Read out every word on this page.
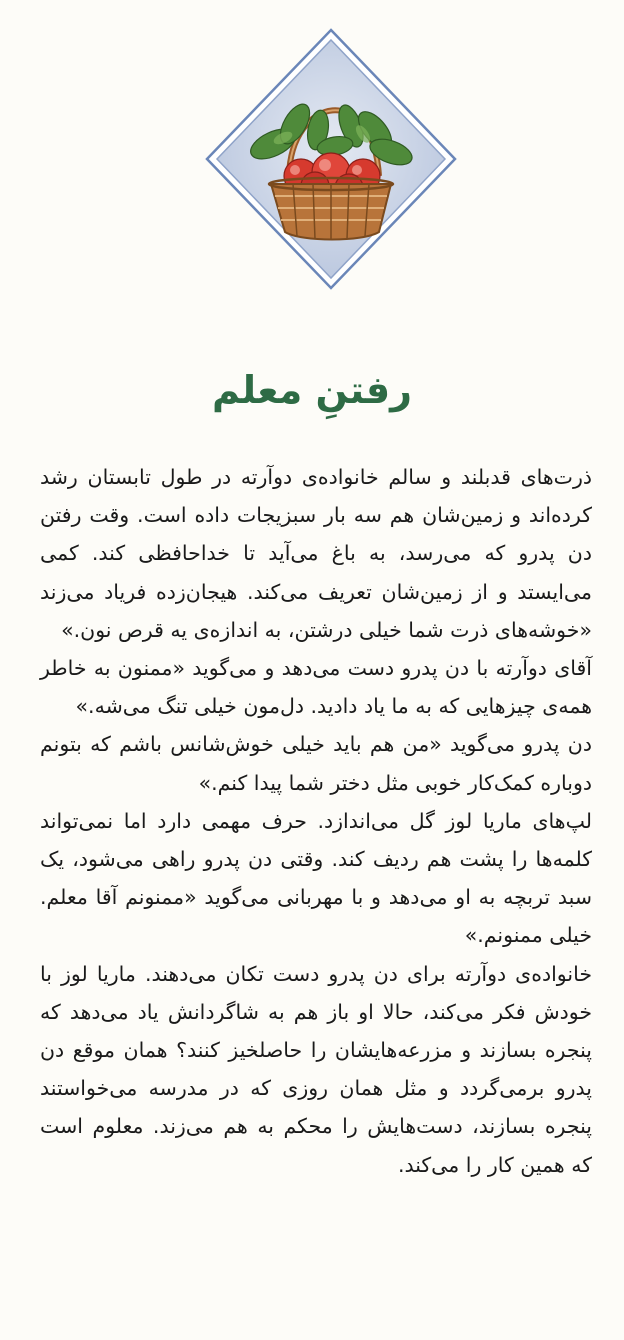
رفتنِ معلم

ذرت‌های قدبلند و سالم خانواده‌ی دوآرته در طول تابستان رشد کرده‌اند و زمین‌شان هم سه بار سبزیجات داده است. وقت رفتن دن پدرو که می‌رسد، به باغ می‌آید تا خداحافظی کند. کمی می‌ایستد و از زمین‌شان تعریف می‌کند. هیجان‌زده فریاد می‌زند «خوشه‌های ذرت شما خیلی درشتن، به اندازه‌ی یه قرص نون.»

آقای دوآرته با دن پدرو دست می‌دهد و می‌گوید «ممنون به خاطر همه‌ی چیزهایی که به ما یاد دادید. دل‌مون خیلی تنگ می‌شه.»

دن پدرو می‌گوید «من هم باید خیلی خوش‌شانس باشم که بتونم دوباره کمک‌کار خوبی مثل دختر شما پیدا کنم.»

لپ‌های ماریا لوز گل می‌اندازد. حرف مهمی دارد اما نمی‌تواند کلمه‌ها را پشت هم ردیف کند. وقتی دن پدرو راهی می‌شود، یک سبد تربچه به او می‌دهد و با مهربانی می‌گوید «ممنونم آقا معلم. خیلی ممنونم.»

خانواده‌ی دوآرته برای دن پدرو دست تکان می‌دهند. ماریا لوز با خودش فکر می‌کند، حالا او باز هم به شاگردانش یاد می‌دهد که پنجره بسازند و مزرعه‌هایشان را حاصلخیز کنند؟ همان موقع دن پدرو برمی‌گردد و مثل همان روزی که در مدرسه می‌خواستند پنجره بسازند، دست‌هایش را محکم به هم می‌زند. معلوم است که همین کار را می‌کند.
